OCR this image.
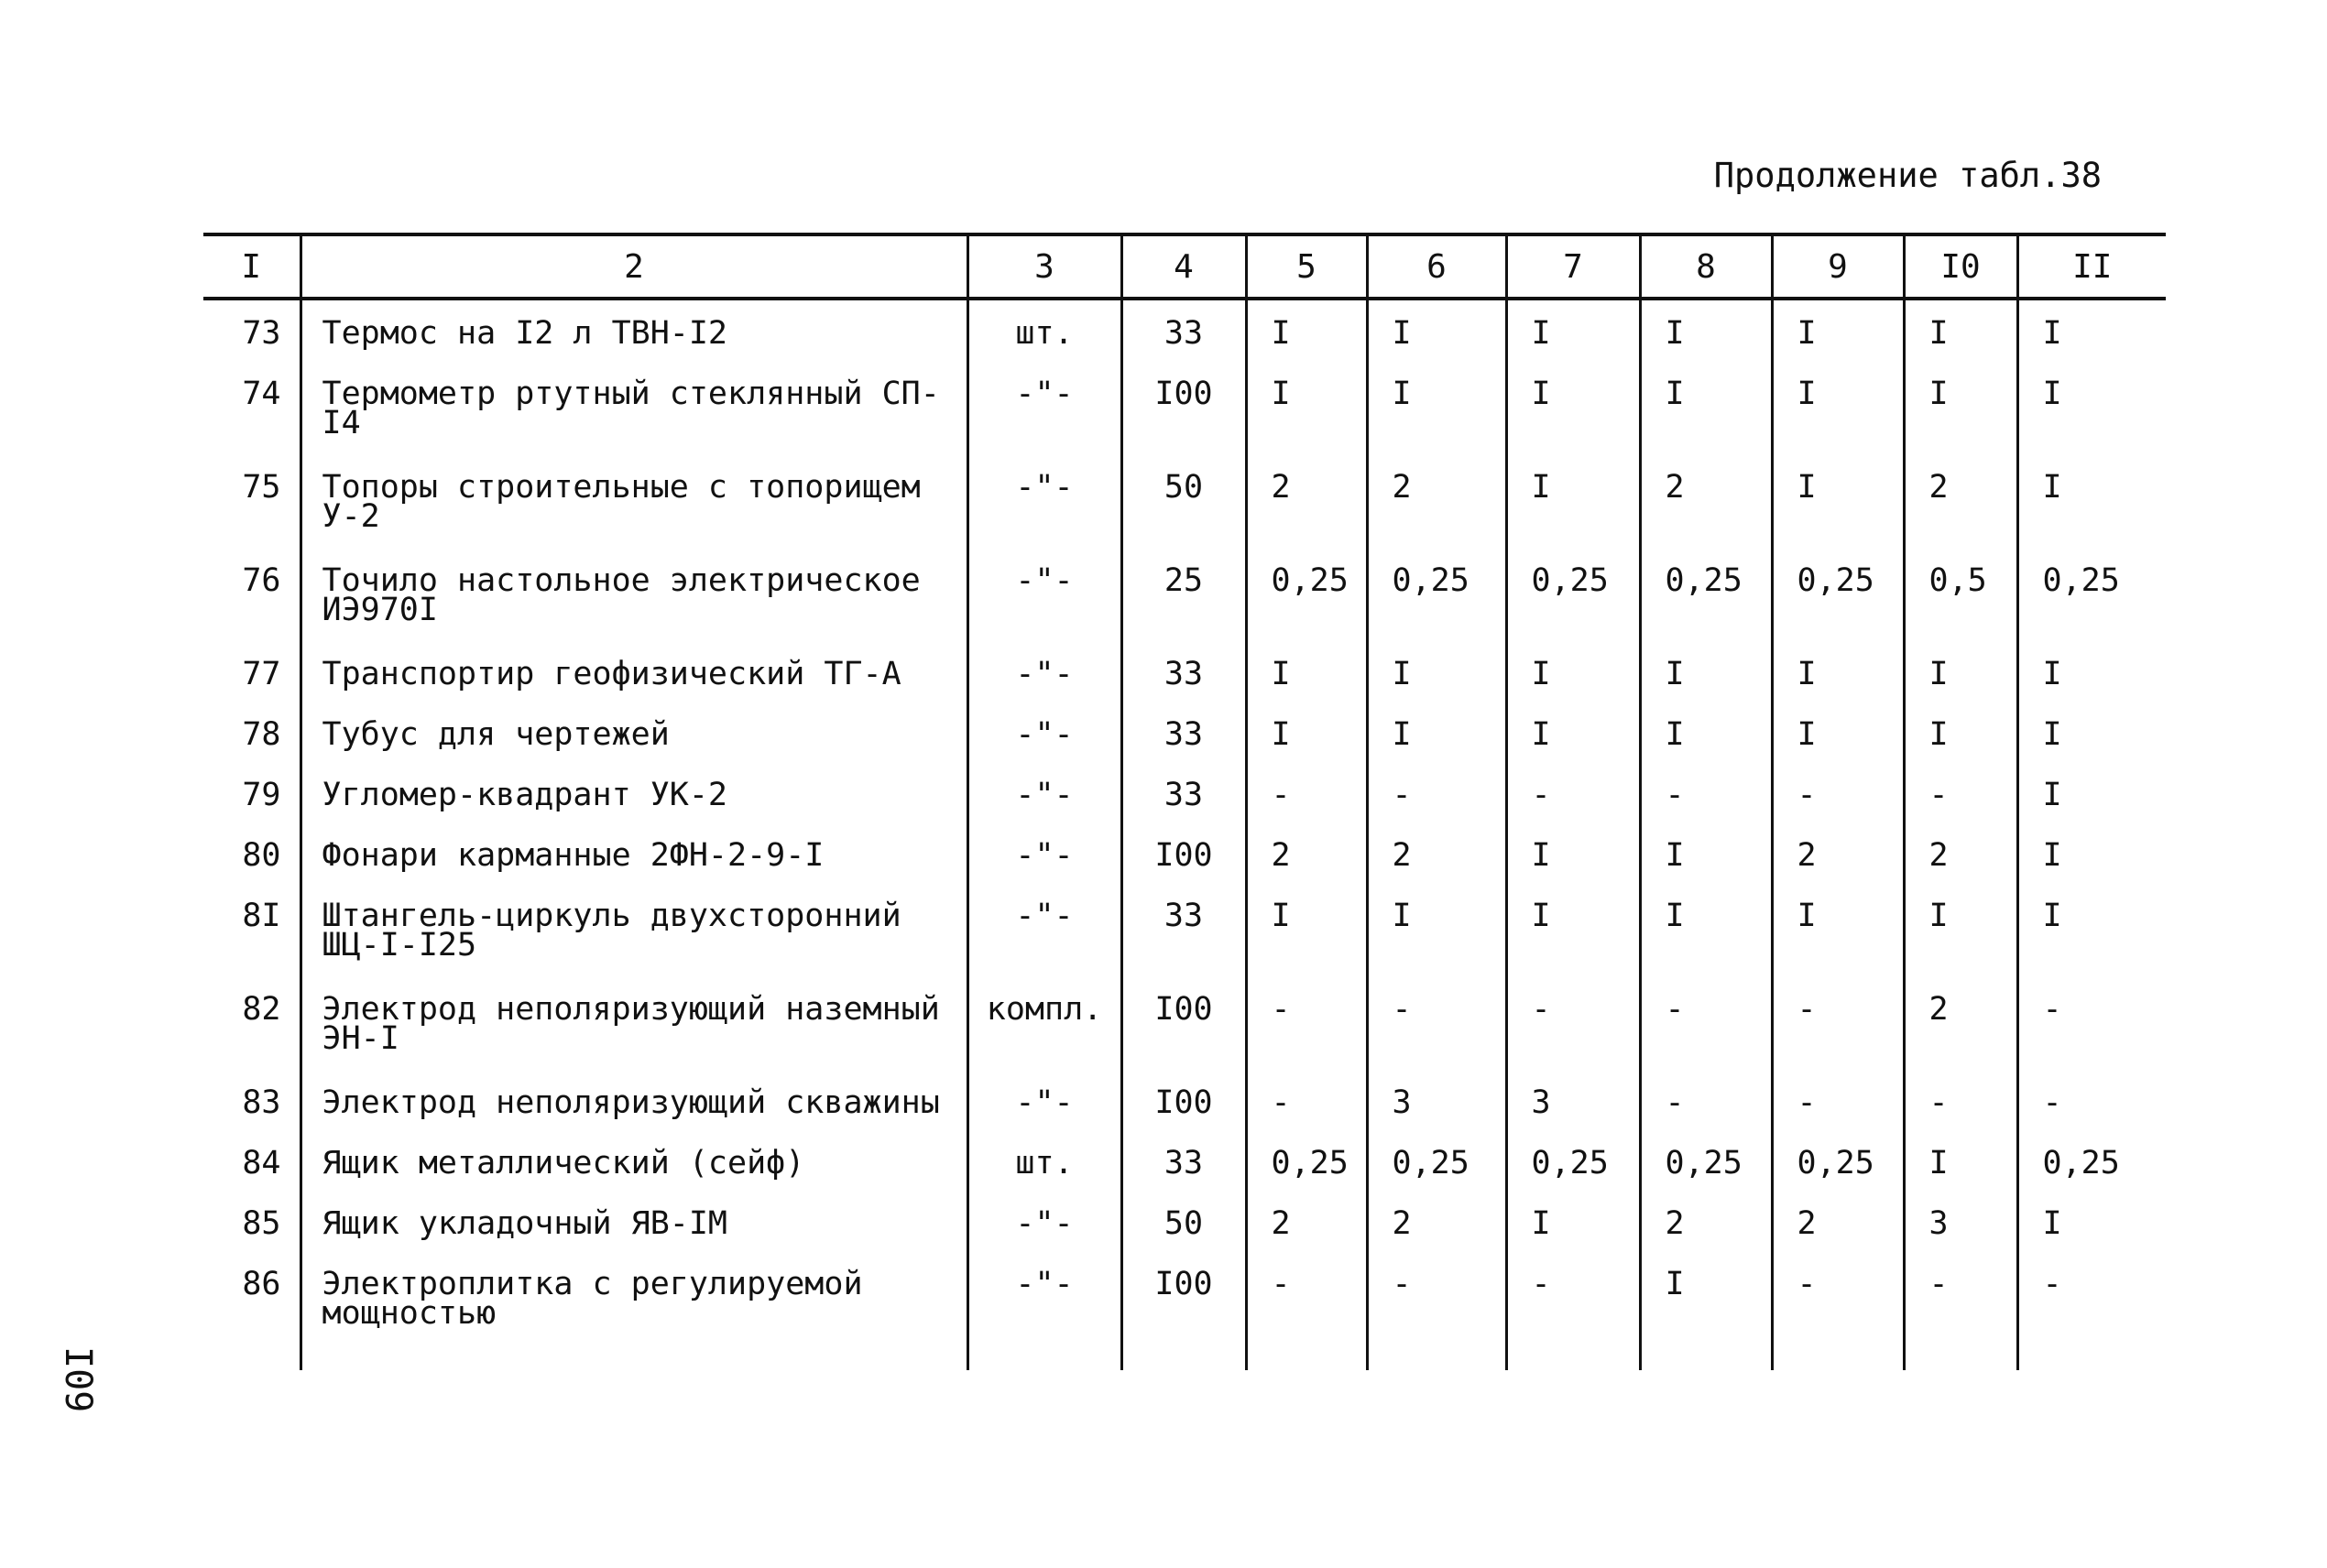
Продолжение табл.38
I09
I	2	3	4	5	6	7	8	9	I0	II
73	Термос на I2 л ТВН-I2	шт.	33	I	I	I	I	I	I	I
74	Термометр ртутный стеклянный СП-I4	-"-	I00	I	I	I	I	I	I	I
75	Топоры строительные с топорищем У-2	-"-	50	2	2	I	2	I	2	I
76	Точило настольное электрическое ИЭ970I	-"-	25	0,25	0,25	0,25	0,25	0,25	0,5	0,25
77	Транспортир геофизический ТГ-А	-"-	33	I	I	I	I	I	I	I
78	Тубус для чертежей	-"-	33	I	I	I	I	I	I	I
79	Угломер-квадрант УК-2	-"-	33	-	-	-	-	-	-	I
80	Фонари карманные 2ФН-2-9-I	-"-	I00	2	2	I	I	2	2	I
8I	Штангель-циркуль двухсторонний ШЦ-I-I25	-"-	33	I	I	I	I	I	I	I
82	Электрод неполяризующий наземный ЭН-I	компл.	I00	-	-	-	-	-	2	-
83	Электрод неполяризующий скважины	-"-	I00	-	3	3	-	-	-	-
84	Ящик металлический (сейф)	шт.	33	0,25	0,25	0,25	0,25	0,25	I	0,25
85	Ящик укладочный ЯВ-IМ	-"-	50	2	2	I	2	2	3	I
86	Электроплитка с регулируемой мощностью	-"-	I00	-	-	-	I	-	-	-
